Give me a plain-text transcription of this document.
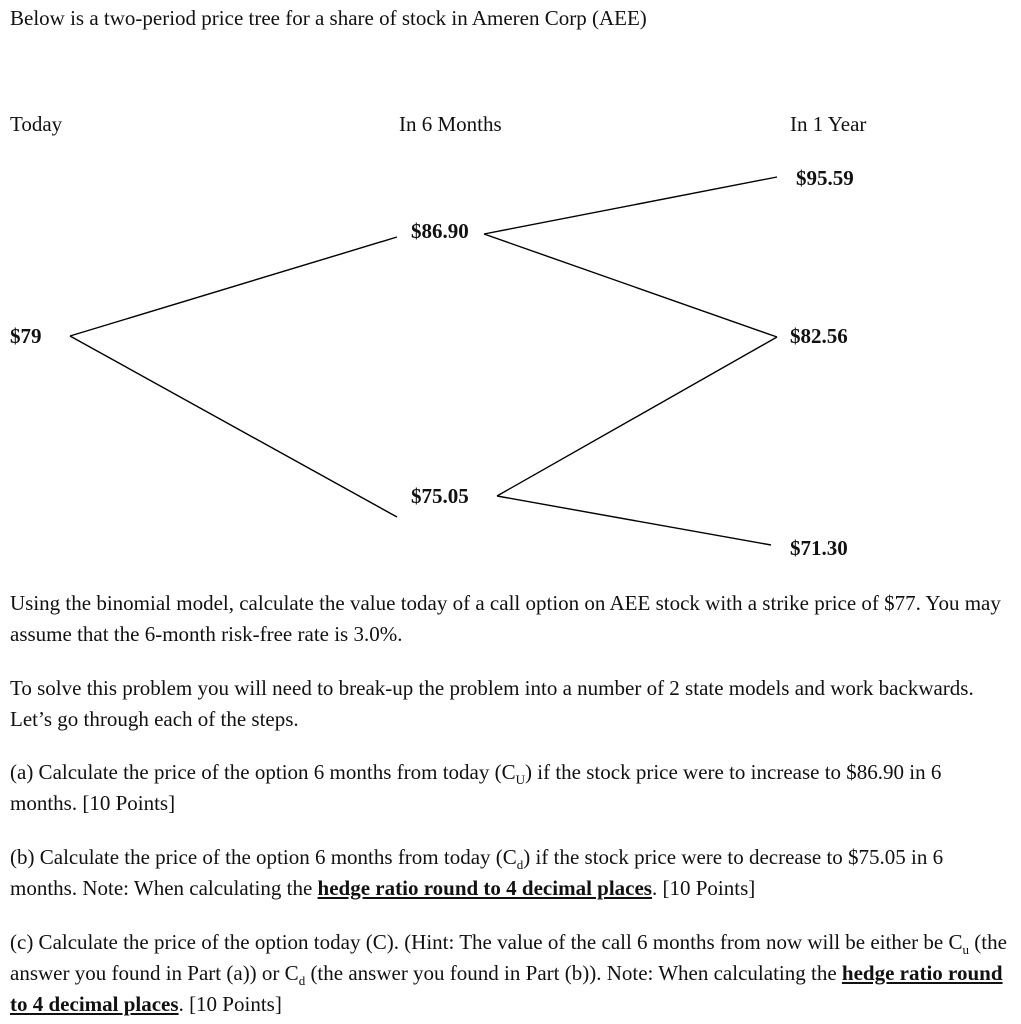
Below is a two-period price tree for a share of stock in Ameren Corp (AEE)
Today	In 6 Months	In 1 Year
$79
$86.90
$75.05
$95.59
$82.56
$71.30
Using the binomial model, calculate the value today of a call option on AEE stock with a strike price of $77. You may assume that the 6-month risk-free rate is 3.0%.
To solve this problem you will need to break-up the problem into a number of 2 state models and work backwards. Let’s go through each of the steps.
(a) Calculate the price of the option 6 months from today $(C_U)$ if the stock price were to increase to $86.90 in 6 months. [10 Points]
(b) Calculate the price of the option 6 months from today $(C_d)$ if the stock price were to decrease to $75.05 in 6 months. Note: When calculating the hedge ratio round to 4 decimal places. [10 Points]
(c) Calculate the price of the option today (C). (Hint: The value of the call 6 months from now will be either be $C_u$ (the answer you found in Part (a)) or $C_d$ (the answer you found in Part (b)). Note: When calculating the hedge ratio round to 4 decimal places. [10 Points]
